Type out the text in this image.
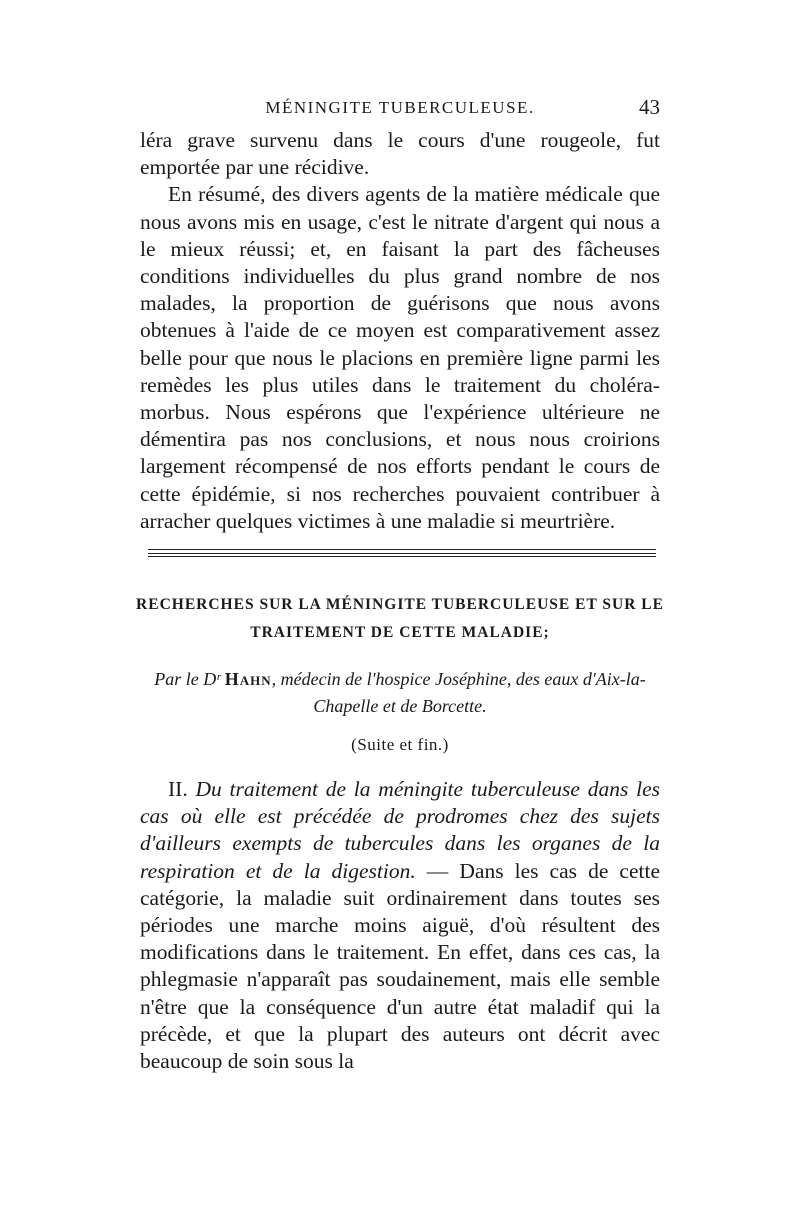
MÉNINGITE TUBERCULEUSE.	43

léra grave survenu dans le cours d'une rougeole, fut emportée par une récidive.

En résumé, des divers agents de la matière médicale que nous avons mis en usage, c'est le nitrate d'argent qui nous a le mieux réussi; et, en faisant la part des fâcheuses conditions individuelles du plus grand nombre de nos malades, la proportion de guérisons que nous avons obtenues à l'aide de ce moyen est comparativement assez belle pour que nous le placions en première ligne parmi les remèdes les plus utiles dans le traitement du choléra-morbus. Nous espérons que l'expérience ultérieure ne démentira pas nos conclusions, et nous nous croirions largement récompensé de nos efforts pendant le cours de cette épidémie, si nos recherches pouvaient contribuer à arracher quelques victimes à une maladie si meurtrière.

RECHERCHES SUR LA MÉNINGITE TUBERCULEUSE ET SUR LE TRAITEMENT DE CETTE MALADIE;
Par le Dʳ Hahn, médecin de l'hospice Joséphine, des eaux d'Aix-la-Chapelle et de Borcette.
(Suite et fin.)

II. Du traitement de la méningite tuberculeuse dans les cas où elle est précédée de prodromes chez des sujets d'ailleurs exempts de tubercules dans les organes de la respiration et de la digestion. — Dans les cas de cette catégorie, la maladie suit ordinairement dans toutes ses périodes une marche moins aiguë, d'où résultent des modifications dans le traitement. En effet, dans ces cas, la phlegmasie n'apparaît pas soudainement, mais elle semble n'être que la conséquence d'un autre état maladif qui la précède, et que la plupart des auteurs ont décrit avec beaucoup de soin sous la
